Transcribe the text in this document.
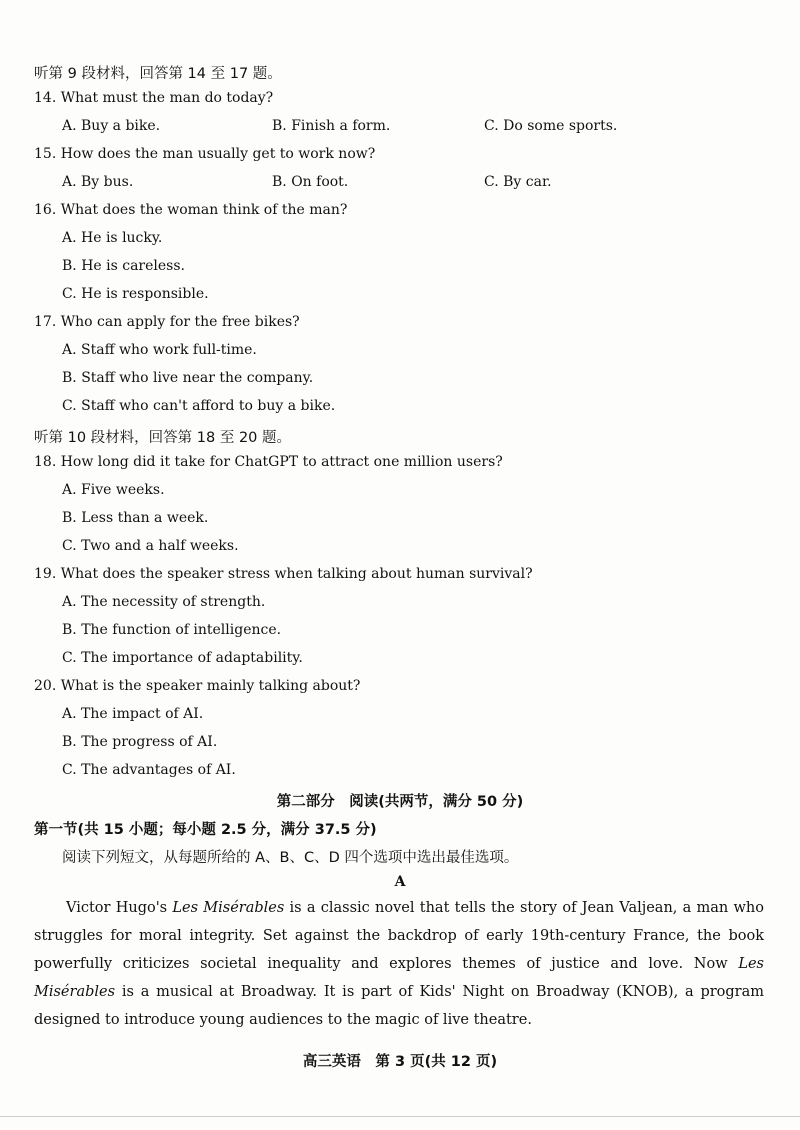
听第 9 段材料，回答第 14 至 17 题。
14. What must the man do today?
A. Buy a bike.	B. Finish a form.	C. Do some sports.
15. How does the man usually get to work now?
A. By bus.	B. On foot.	C. By car.
16. What does the woman think of the man?
A. He is lucky.
B. He is careless.
C. He is responsible.
17. Who can apply for the free bikes?
A. Staff who work full-time.
B. Staff who live near the company.
C. Staff who can't afford to buy a bike.
听第 10 段材料，回答第 18 至 20 题。
18. How long did it take for ChatGPT to attract one million users?
A. Five weeks.
B. Less than a week.
C. Two and a half weeks.
19. What does the speaker stress when talking about human survival?
A. The necessity of strength.
B. The function of intelligence.
C. The importance of adaptability.
20. What is the speaker mainly talking about?
A. The impact of AI.
B. The progress of AI.
C. The advantages of AI.
第二部分　阅读(共两节，满分 50 分)
第一节(共 15 小题；每小题 2.5 分，满分 37.5 分)
阅读下列短文，从每题所给的 A、B、C、D 四个选项中选出最佳选项。
A
Victor Hugo's Les Misérables is a classic novel that tells the story of Jean Valjean, a man who struggles for moral integrity. Set against the backdrop of early 19th-century France, the book powerfully criticizes societal inequality and explores themes of justice and love. Now Les Misérables is a musical at Broadway. It is part of Kids' Night on Broadway (KNOB), a program designed to introduce young audiences to the magic of live theatre.
高三英语　第 3 页(共 12 页)
